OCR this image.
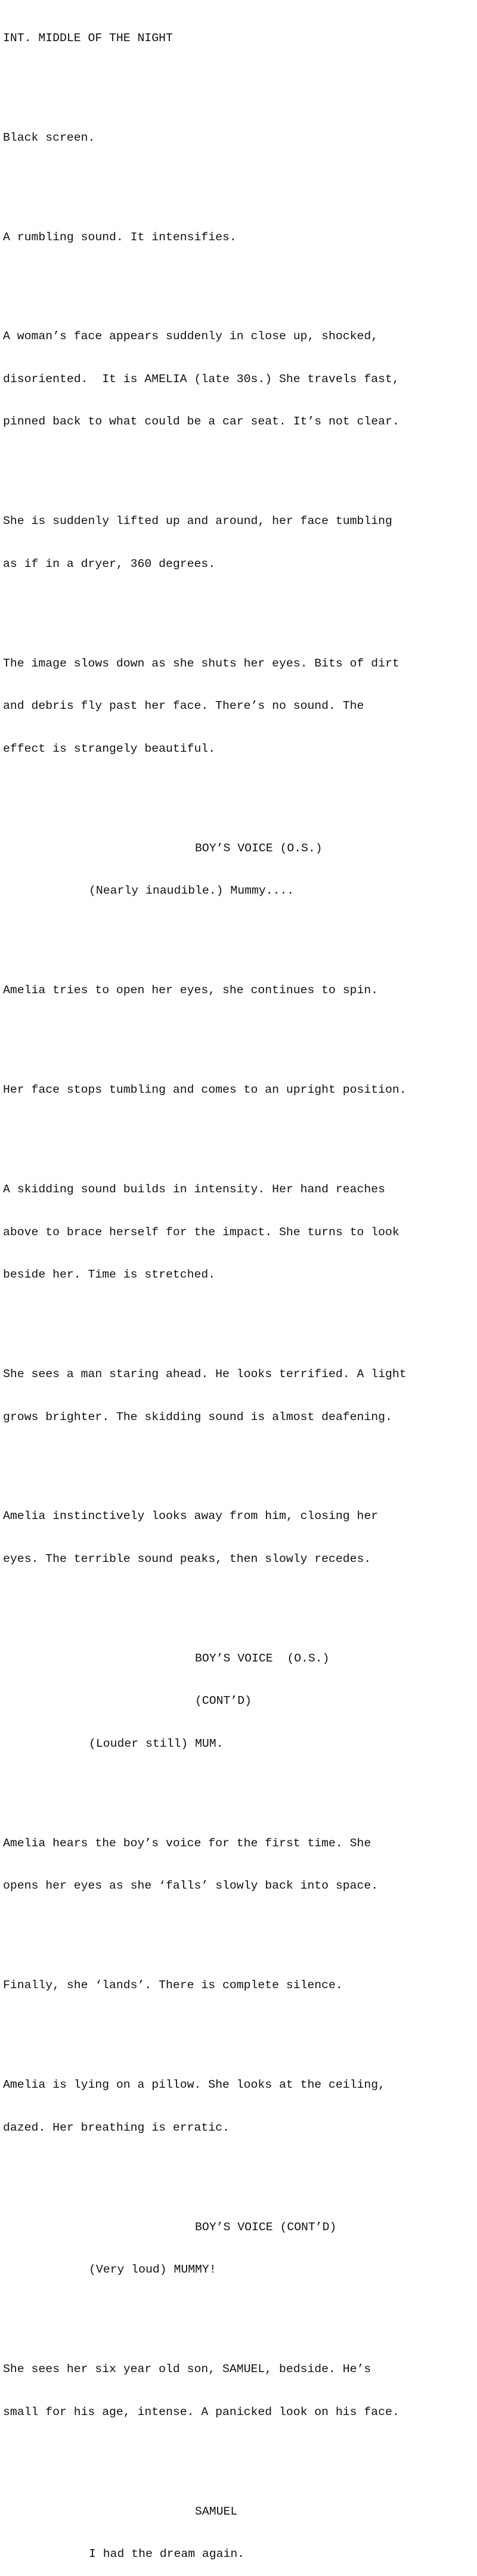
INT. MIDDLE OF THE NIGHT

Black screen.

A rumbling sound. It intensifies.

A woman’s face appears suddenly in close up, shocked,

disoriented.  It is AMELIA (late 30s.) She travels fast,

pinned back to what could be a car seat. It’s not clear.

She is suddenly lifted up and around, her face tumbling

as if in a dryer, 360 degrees.

The image slows down as she shuts her eyes. Bits of dirt

and debris fly past her face. There’s no sound. The

effect is strangely beautiful.

BOY’S VOICE (O.S.)

(Nearly inaudible.) Mummy....

Amelia tries to open her eyes, she continues to spin.

Her face stops tumbling and comes to an upright position.

A skidding sound builds in intensity. Her hand reaches

above to brace herself for the impact. She turns to look

beside her. Time is stretched.

She sees a man staring ahead. He looks terrified. A light

grows brighter. The skidding sound is almost deafening.

Amelia instinctively looks away from him, closing her

eyes. The terrible sound peaks, then slowly recedes.

BOY’S VOICE  (O.S.)

(CONT’D)

(Louder still) MUM.

Amelia hears the boy’s voice for the first time. She

opens her eyes as she ‘falls’ slowly back into space.

Finally, she ‘lands’. There is complete silence.

Amelia is lying on a pillow. She looks at the ceiling,

dazed. Her breathing is erratic.

BOY’S VOICE (CONT’D)

(Very loud) MUMMY!

She sees her six year old son, SAMUEL, bedside. He’s

small for his age, intense. A panicked look on his face.

SAMUEL

I had the dream again.
